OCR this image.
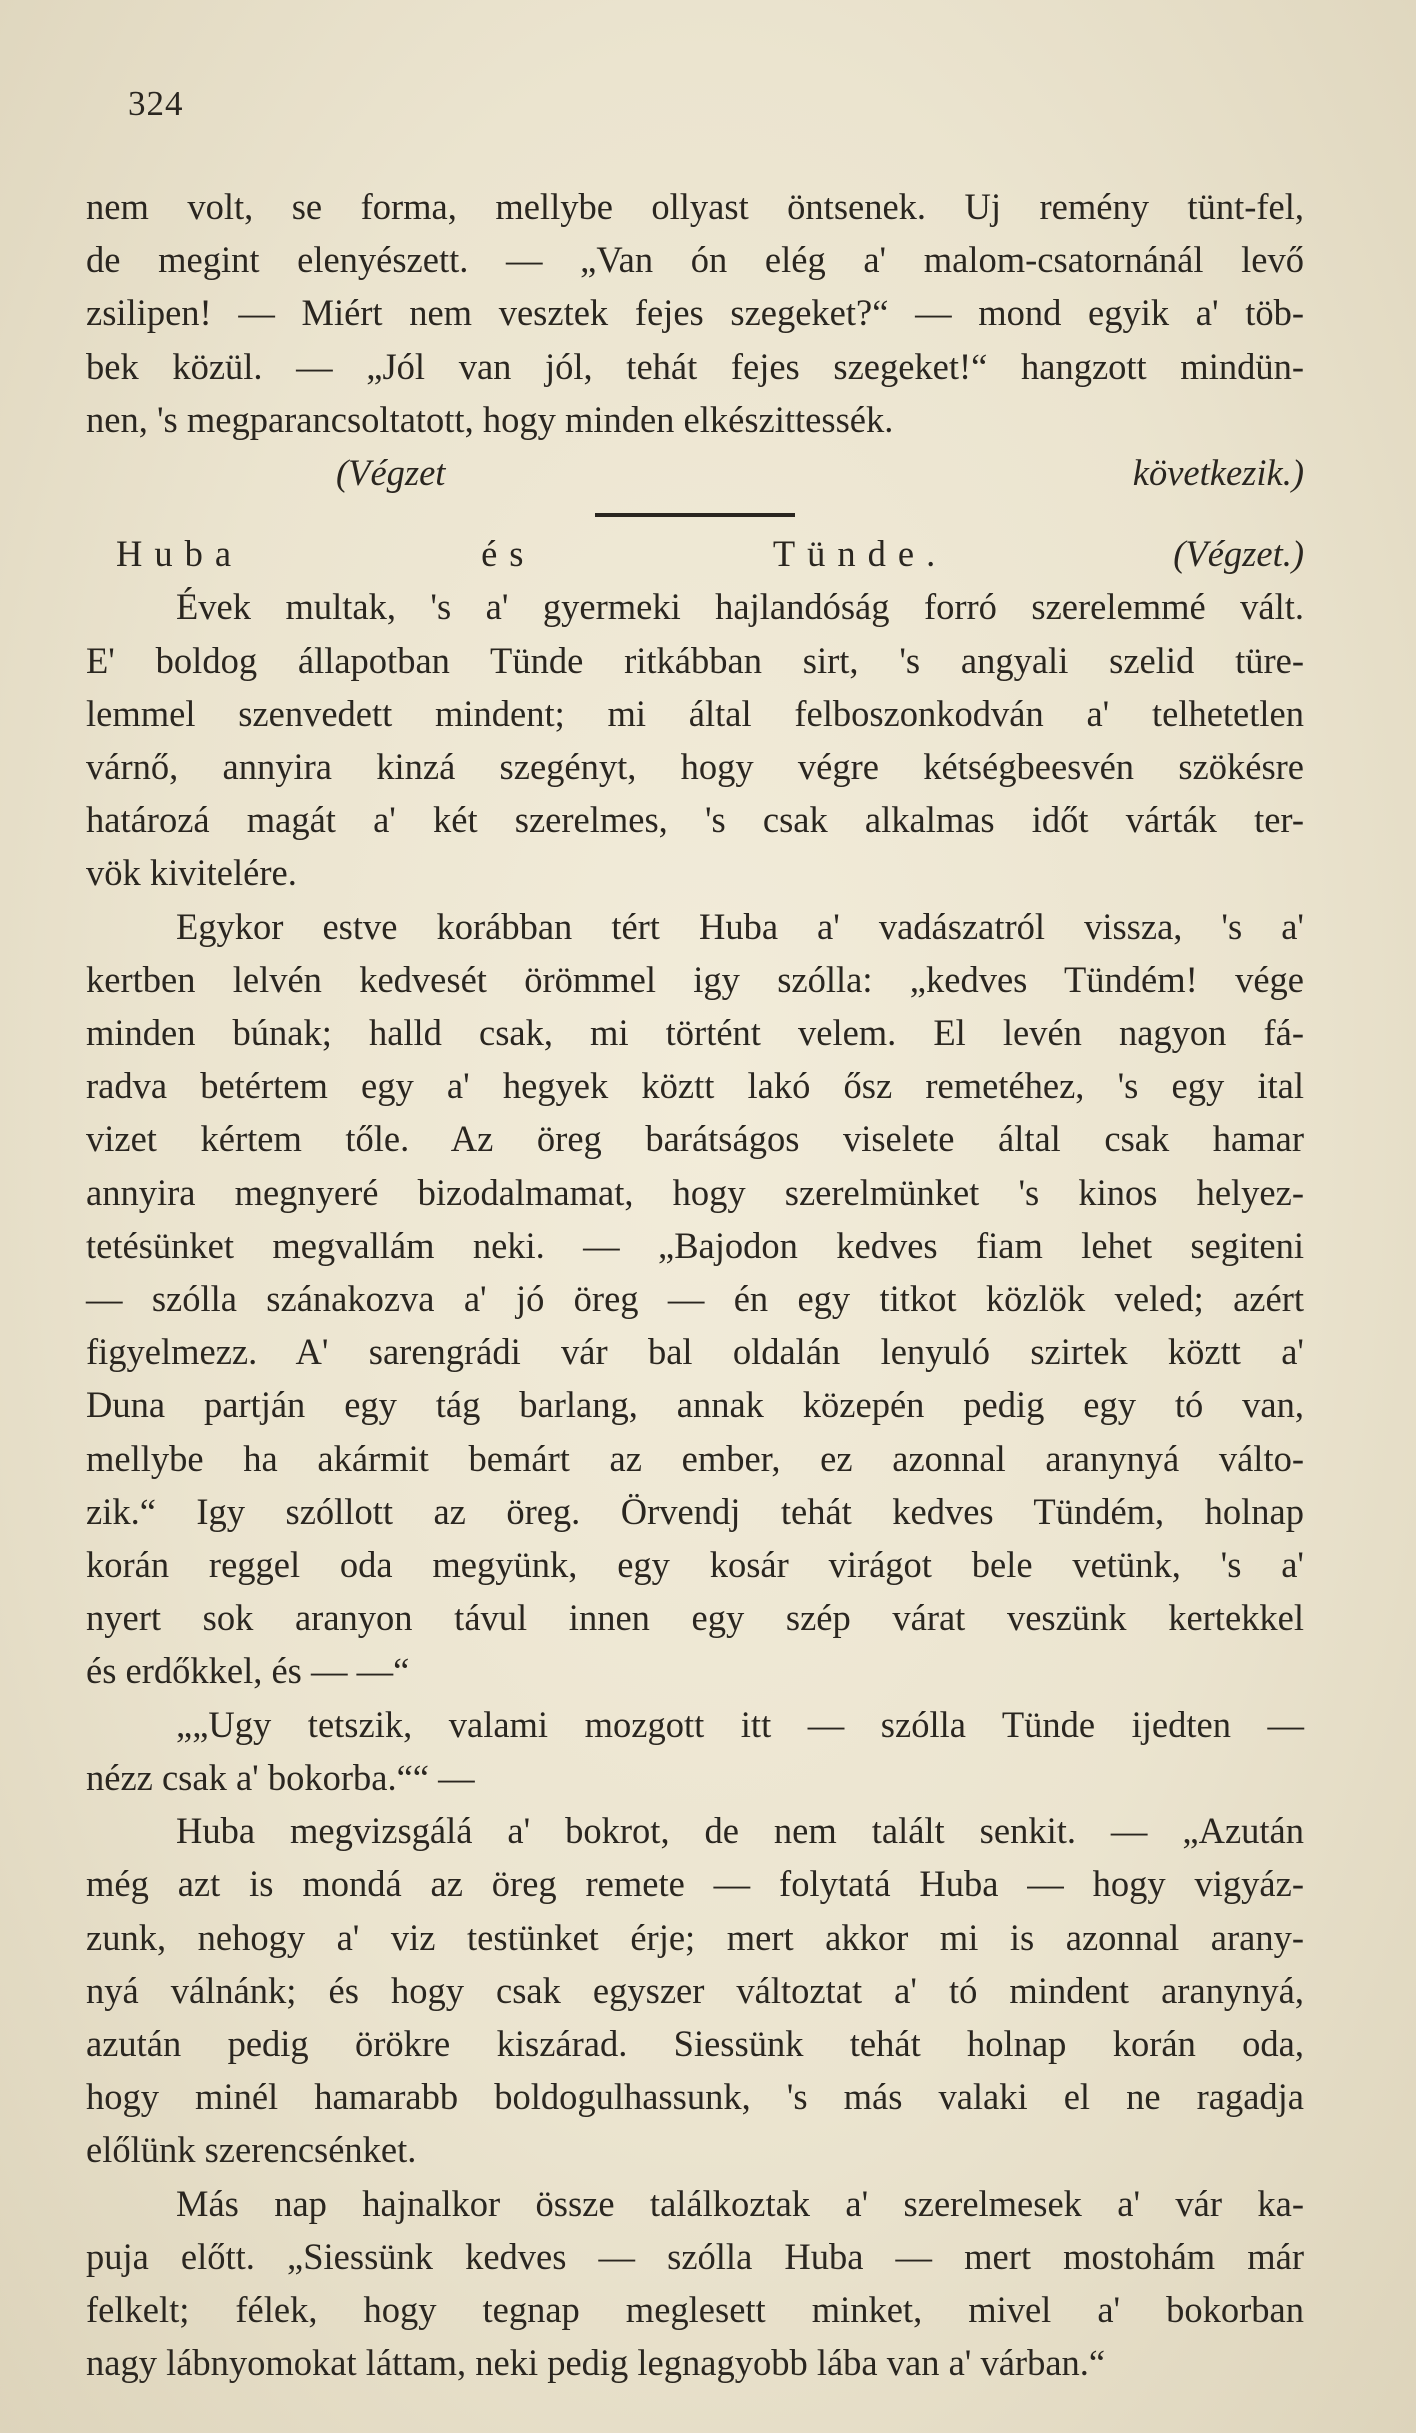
324

nem volt, se forma, mellybe ollyast öntsenek. Uj remény tünt-fel,

de megint elenyészett. — „Van ón elég a' malom-csatornánál levő

zsilipen! — Miért nem vesztek fejes szegeket?“ — mond egyik a' töb-

bek közül. — „Jól van jól, tehát fejes szegeket!“ hangzott mindün-

nen, 's megparancsoltatott, hogy minden elkészittessék.

(Végzet következik.)

Huba és Tünde.	(Végzet.)

Évek multak, 's a' gyermeki hajlandóság forró szerelemmé vált.

E' boldog állapotban Tünde ritkábban sirt, 's angyali szelid türe-

lemmel szenvedett mindent; mi által felboszonkodván a' telhetetlen

várnő, annyira kinzá szegényt, hogy végre kétségbeesvén szökésre

határozá magát a' két szerelmes, 's csak alkalmas időt várták ter-

vök kivitelére.

Egykor estve korábban tért Huba a' vadászatról vissza, 's a'

kertben lelvén kedvesét örömmel igy szólla: „kedves Tündém! vége

minden búnak; halld csak, mi történt velem. El levén nagyon fá-

radva betértem egy a' hegyek köztt lakó ősz remetéhez, 's egy ital

vizet kértem tőle. Az öreg barátságos viselete által csak hamar

annyira megnyeré bizodalmamat, hogy szerelmünket 's kinos helyez-

tetésünket megvallám neki. — „Bajodon kedves fiam lehet segiteni

— szólla szánakozva a' jó öreg — én egy titkot közlök veled; azért

figyelmezz. A' sarengrádi vár bal oldalán lenyuló szirtek köztt a'

Duna partján egy tág barlang, annak közepén pedig egy tó van,

mellybe ha akármit bemárt az ember, ez azonnal aranynyá válto-

zik.“ Igy szóllott az öreg. Örvendj tehát kedves Tündém, holnap

korán reggel oda megyünk, egy kosár virágot bele vetünk, 's a'

nyert sok aranyon távul innen egy szép várat veszünk kertekkel

és erdőkkel, és — —“

„„Ugy tetszik, valami mozgott itt — szólla Tünde ijedten —

nézz csak a' bokorba.““ —

Huba megvizsgálá a' bokrot, de nem talált senkit. — „Azután

még azt is mondá az öreg remete — folytatá Huba — hogy vigyáz-

zunk, nehogy a' viz testünket érje; mert akkor mi is azonnal arany-

nyá válnánk; és hogy csak egyszer változtat a' tó mindent aranynyá,

azután pedig örökre kiszárad. Siessünk tehát holnap korán oda,

hogy minél hamarabb boldogulhassunk, 's más valaki el ne ragadja

előlünk szerencsénket.

Más nap hajnalkor össze találkoztak a' szerelmesek a' vár ka-

puja előtt. „Siessünk kedves — szólla Huba — mert mostohám már

felkelt; félek, hogy tegnap meglesett minket, mivel a' bokorban

nagy lábnyomokat láttam, neki pedig legnagyobb lába van a' várban.“
